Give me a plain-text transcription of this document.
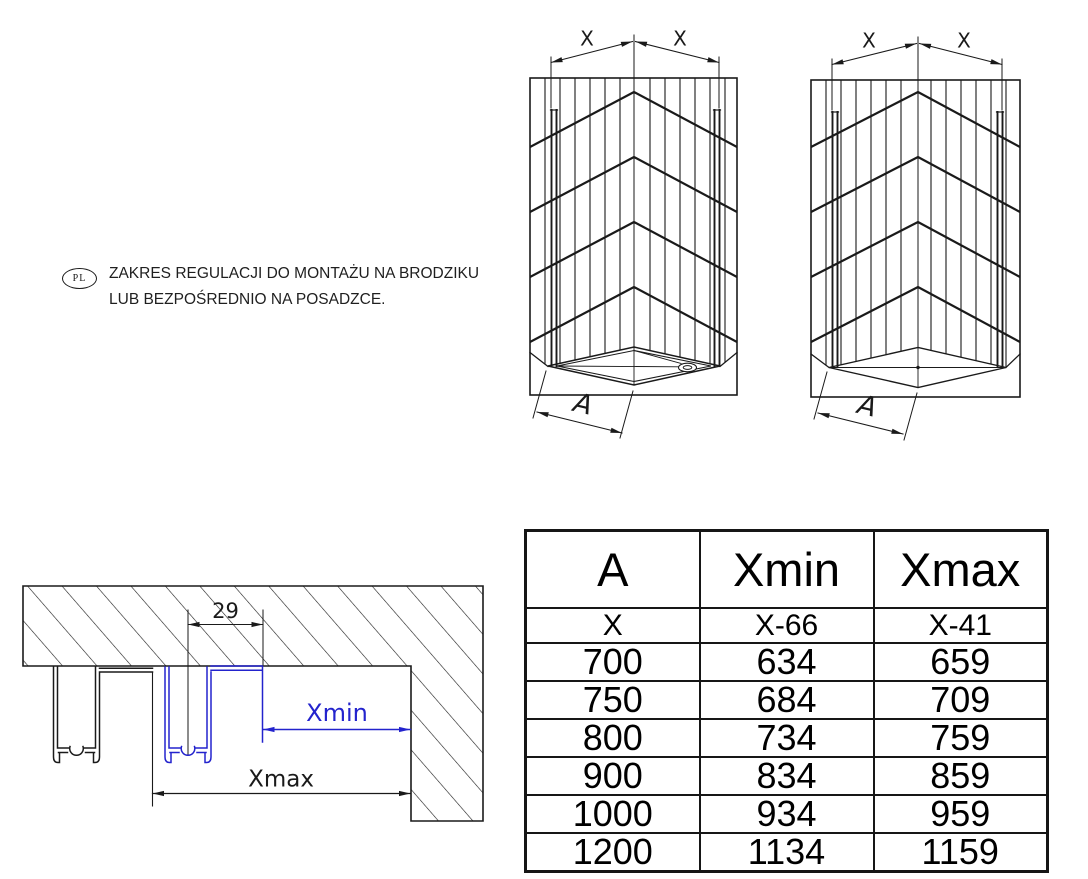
X	X
A
X	X
A
29
Xmin
Xmax
PL	ZAKRES REGULACJI DO MONTAŻU NA BRODZIKU
LUB BEZPOŚREDNIO NA POSADZCE.
A	Xmin	Xmax
X	X-66	X-41
700	634	659
750	684	709
800	734	759
900	834	859
1000	934	959
1200	1134	1159
